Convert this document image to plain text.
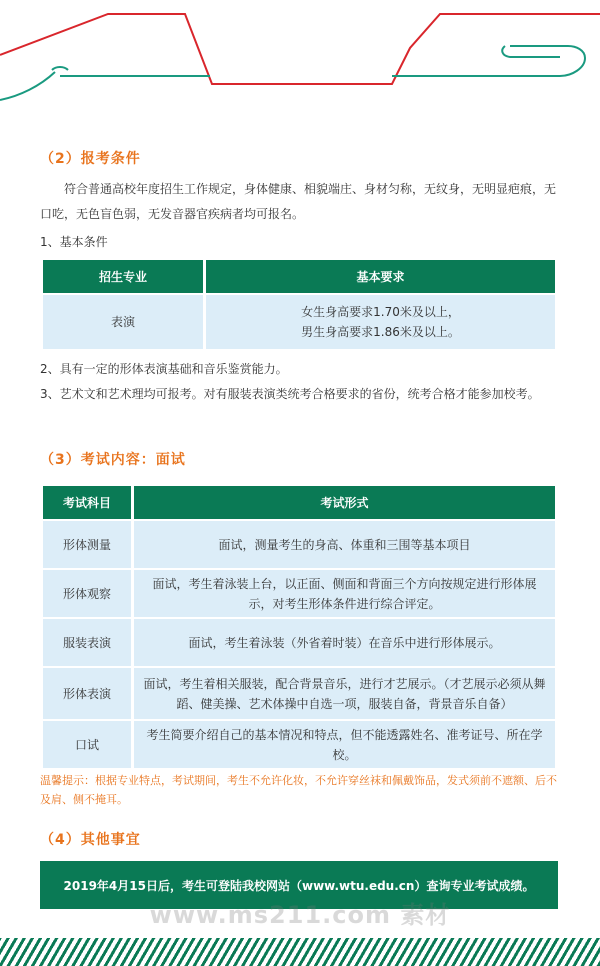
（2）报考条件
符合普通高校年度招生工作规定，身体健康、相貌端庄、身材匀称，无纹身，无明显疤痕，无口吃，无色盲色弱，无发音器官疾病者均可报名。
1、基本条件
招生专业	基本要求
表演	女生身高要求1.70米及以上，
男生身高要求1.86米及以上。
2、具有一定的形体表演基础和音乐鉴赏能力。
3、艺术文和艺术理均可报考。对有服装表演类统考合格要求的省份，统考合格才能参加校考。
（3）考试内容：面试
考试科目	考试形式
形体测量	面试，测量考生的身高、体重和三围等基本项目
形体观察	面试，考生着泳装上台，以正面、侧面和背面三个方向按规定进行形体展示，对考生形体条件进行综合评定。
服装表演	面试，考生着泳装（外省着时装）在音乐中进行形体展示。
形体表演	面试，考生着相关服装，配合背景音乐，进行才艺展示。（才艺展示必须从舞蹈、健美操、艺术体操中自选一项，服装自备，背景音乐自备）
口试	考生简要介绍自己的基本情况和特点，但不能透露姓名、准考证号、所在学校。
温馨提示：根据专业特点，考试期间，考生不允许化妆，不允许穿丝袜和佩戴饰品，发式须前不遮额、后不及肩、侧不掩耳。
（4）其他事宜
2019年4月15日后，考生可登陆我校网站（www.wtu.edu.cn）查询专业考试成绩。
www.ms211.com 素材
